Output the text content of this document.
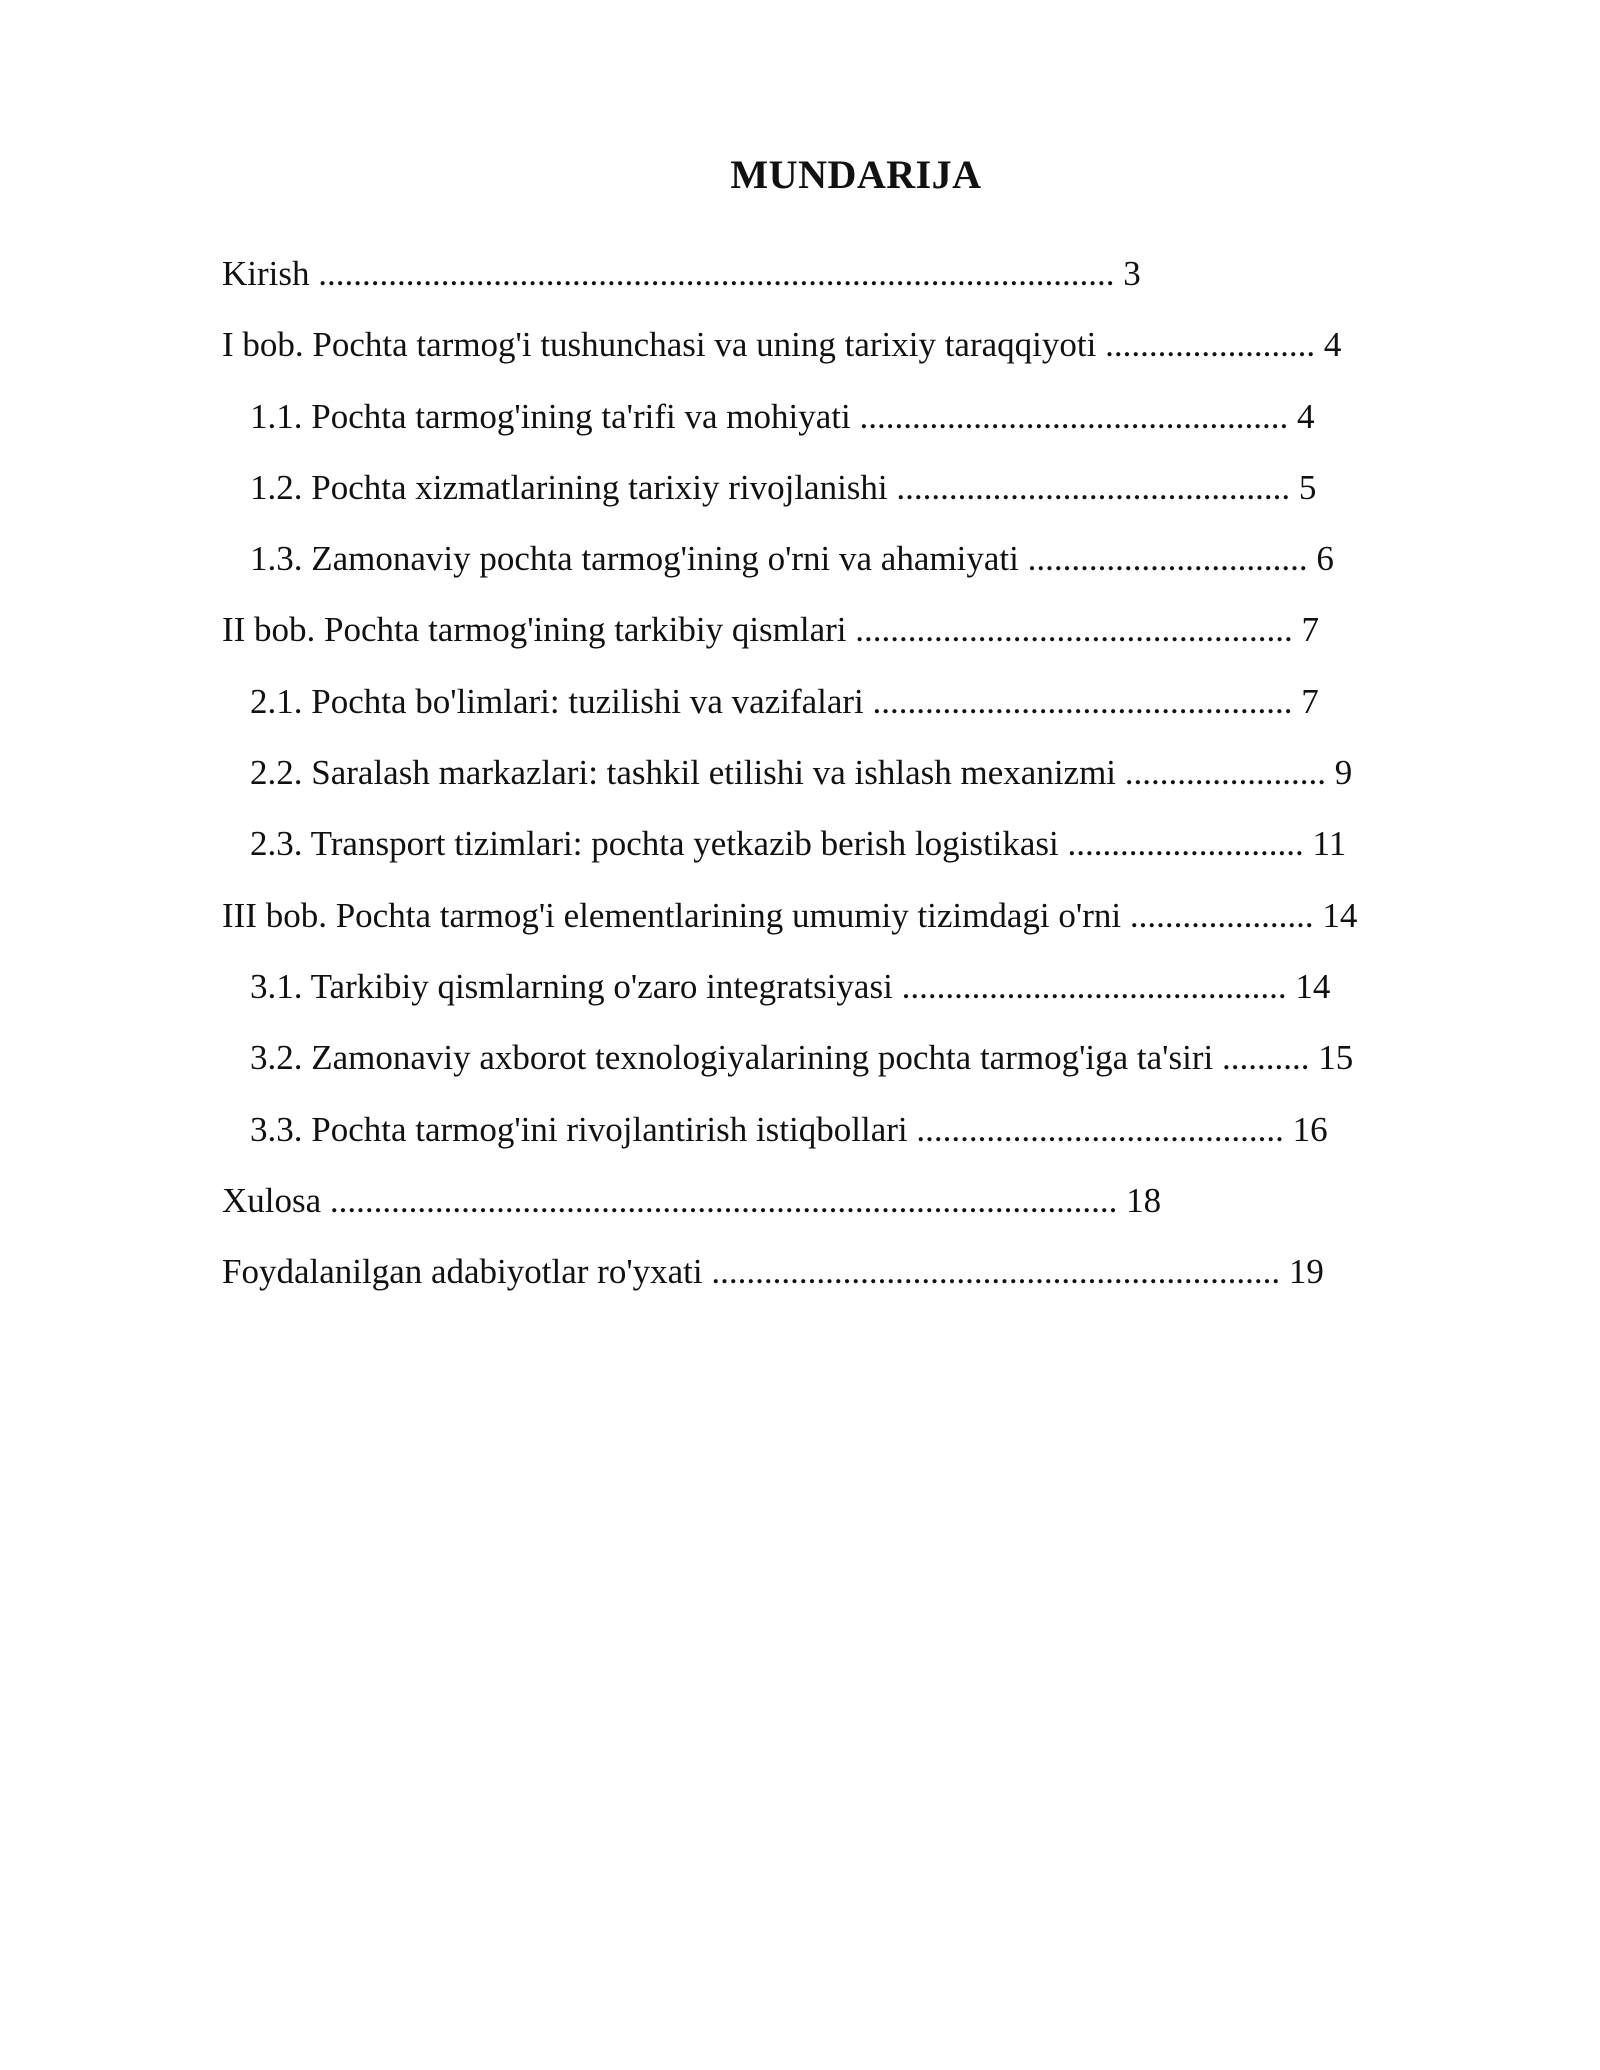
MUNDARIJA
Kirish ........................................................................................... 3
I bob. Pochta tarmog'i tushunchasi va uning tarixiy taraqqiyoti ........................ 4
1.1. Pochta tarmog'ining ta'rifi va mohiyati ................................................. 4
1.2. Pochta xizmatlarining tarixiy rivojlanishi ............................................. 5
1.3. Zamonaviy pochta tarmog'ining o'rni va ahamiyati ................................ 6
II bob. Pochta tarmog'ining tarkibiy qismlari .................................................. 7
2.1. Pochta bo'limlari: tuzilishi va vazifalari ................................................ 7
2.2. Saralash markazlari: tashkil etilishi va ishlash mexanizmi ....................... 9
2.3. Transport tizimlari: pochta yetkazib berish logistikasi ........................... 11
III bob. Pochta tarmog'i elementlarining umumiy tizimdagi o'rni ..................... 14
3.1. Tarkibiy qismlarning o'zaro integratsiyasi ............................................ 14
3.2. Zamonaviy axborot texnologiyalarining pochta tarmog'iga ta'siri .......... 15
3.3. Pochta tarmog'ini rivojlantirish istiqbollari .......................................... 16
Xulosa .......................................................................................... 18
Foydalanilgan adabiyotlar ro'yxati ................................................................. 19
